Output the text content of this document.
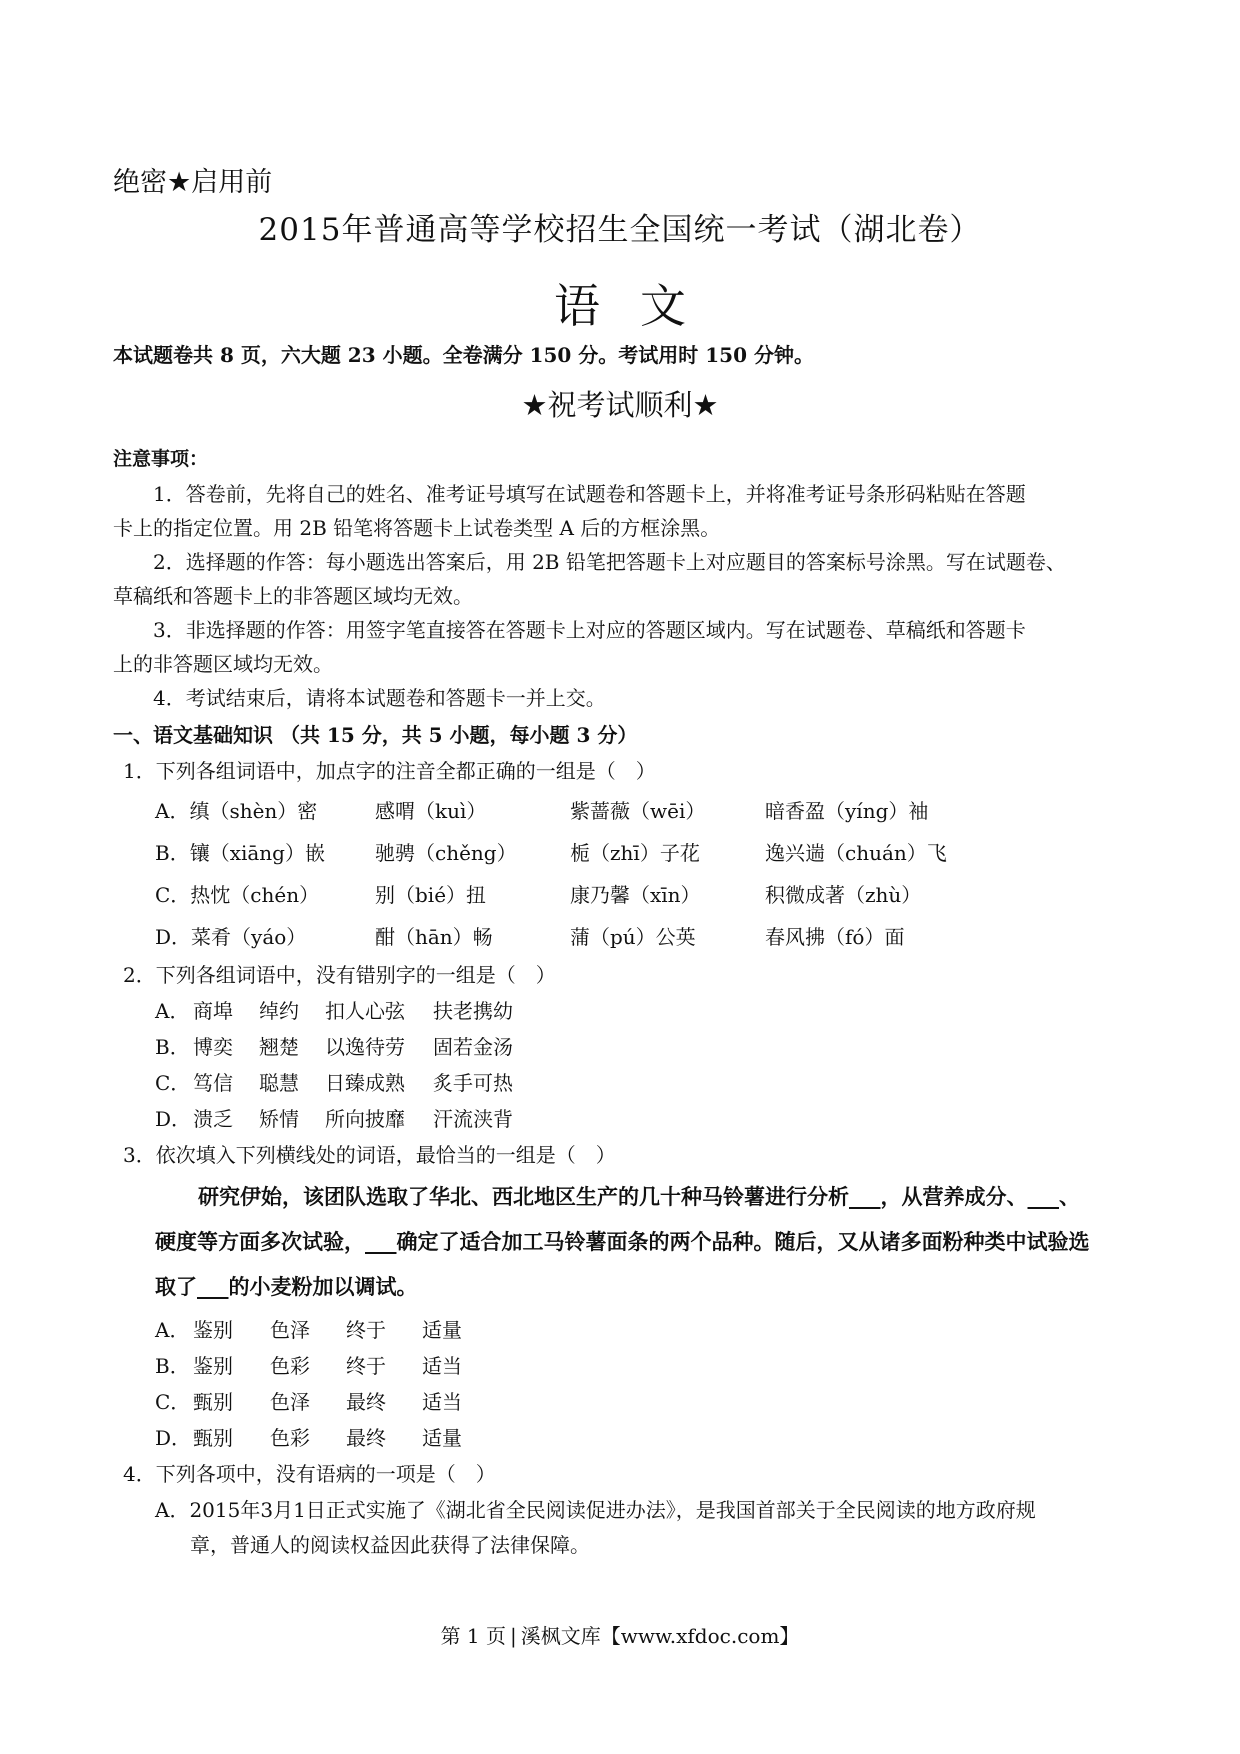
绝密★启用前
2015年普通高等学校招生全国统一考试（湖北卷）
语文
本试题卷共 8 页，六大题 23 小题。全卷满分 150 分。考试用时 150 分钟。
★祝考试顺利★
注意事项：
1．答卷前，先将自己的姓名、准考证号填写在试题卷和答题卡上，并将准考证号条形码粘贴在答题
卡上的指定位置。用 2B 铅笔将答题卡上试卷类型 A 后的方框涂黑。
2．选择题的作答：每小题选出答案后，用 2B 铅笔把答题卡上对应题目的答案标号涂黑。写在试题卷、
草稿纸和答题卡上的非答题区域均无效。
3．非选择题的作答：用签字笔直接答在答题卡上对应的答题区域内。写在试题卷、草稿纸和答题卡
上的非答题区域均无效。
4．考试结束后，请将本试题卷和答题卡一并上交。
一、语文基础知识 （共 15 分，共 5 小题，每小题 3 分）
1．下列各组词语中，加点字的注音全都正确的一组是（　）
A．缜（shèn）密	感喟（kuì）	紫蔷薇（wēi）	暗香盈（yíng）袖
B．镶（xiāng）嵌	驰骋（chěng）	栀（zhī）子花	逸兴遄（chuán）飞
C．热忱（chén）	别（bié）扭	康乃馨（xīn）	积微成著（zhù）
D．菜肴（yáo）	酣（hān）畅	蒲（pú）公英	春风拂（fó）面
2．下列各组词语中，没有错别字的一组是（　）
A． 商埠 绰约 扣人心弦 扶老携幼
B． 博奕 翘楚 以逸待劳 固若金汤
C． 笃信 聪慧 日臻成熟 炙手可热
D． 溃乏 矫情 所向披靡 汗流浃背
3．依次填入下列横线处的词语，最恰当的一组是（　）
研究伊始，该团队选取了华北、西北地区生产的几十种马铃薯进行分析___，从营养成分、___、
硬度等方面多次试验，___确定了适合加工马铃薯面条的两个品种。随后，又从诸多面粉种类中试验选
取了___的小麦粉加以调试。
A． 鉴别 色泽 终于 适量
B． 鉴别 色彩 终于 适当
C． 甄别 色泽 最终 适当
D． 甄别 色彩 最终 适量
4．下列各项中，没有语病的一项是（　）
A．2015年3月1日正式实施了《湖北省全民阅读促进办法》，是我国首部关于全民阅读的地方政府规
章，普通人的阅读权益因此获得了法律保障。
第 1 页 | 溪枫文库【www.xfdoc.com】
